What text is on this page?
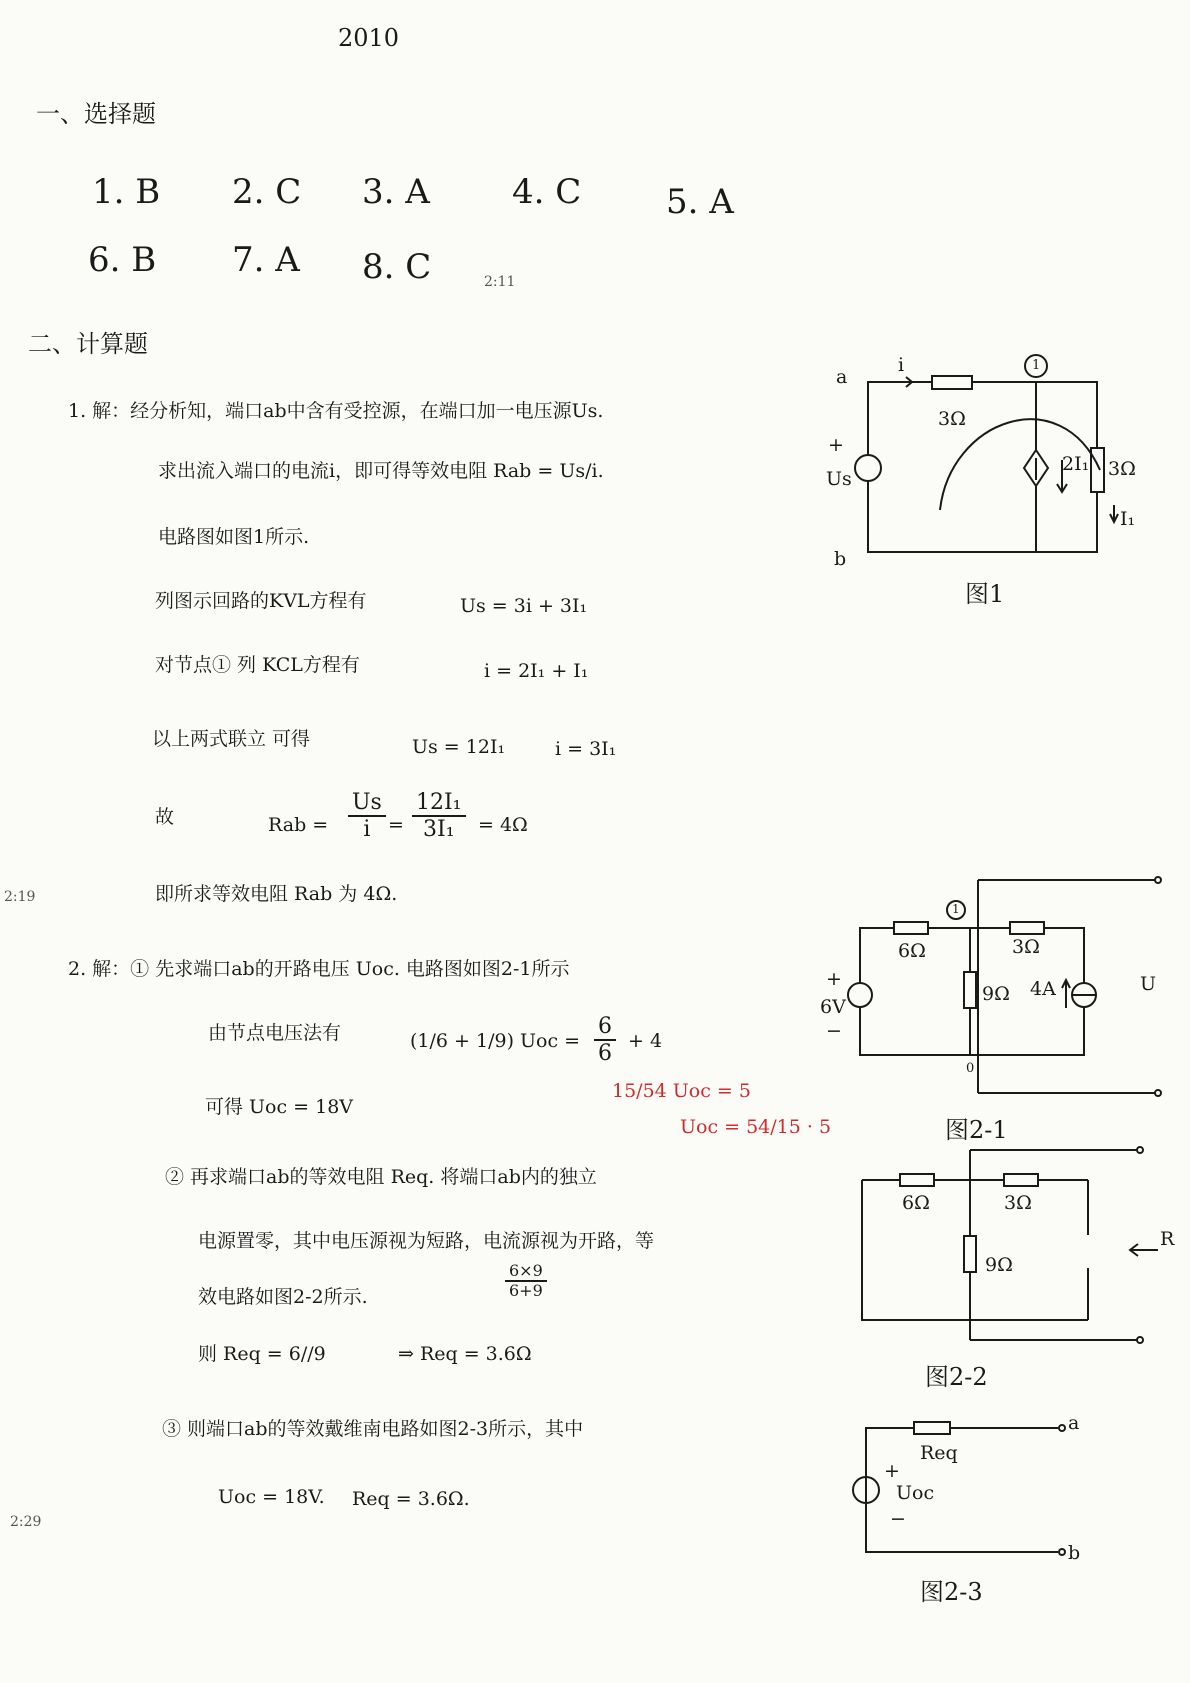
2010
2:19
2:29
2:11
一、选择题
1. B 2. C 3. A 4. C 5. A
6. B 7. A 8. C
二、计算题
1. 解：经分析知，端口ab中含有受控源，在端口加一电压源Us.
求出流入端口的电流i，即可得等效电阻 Rab = Us/i.
电路图如图1所示.
列图示回路的KVL方程有	Us = 3i + 3I₁
对节点① 列 KCL方程有	i = 2I₁ + I₁
以上两式联立 可得	Us = 12I₁	i = 3I₁
故	Rab = $\frac{Us}{i} = \frac{\text{12I₁}}{\text{3I₁}} = 4\Omega$
即所求等效电阻 Rab 为 4Ω.
2. 解：① 先求端口ab的开路电压 Uoc. 电路图如图2-1所示
由节点电压法有	(1/6 + 1/9) Uoc = $\frac{6}{6} + 4$
可得 Uoc = 18V
15/54 Uoc = 5
Uoc = 54/15 · 5
② 再求端口ab的等效电阻 Req. 将端口ab内的独立
电源置零，其中电压源视为短路，电流源视为开路，等
效电路如图2-2所示.
则 Req = 6//9	⇒ Req = 3.6Ω
$\frac{6\times 9}{6+9}$
③ 则端口ab的等效戴维南电路如图2-3所示，其中
Uoc = 18V. Req = 3.6Ω.
a
b
1
i
3Ω
3Ω
Us
+
2I₁
I₁
图1
1
0
6Ω	3Ω
9Ω
6V
+
−
4A	U
图2-1
6Ω	3Ω
9Ω
R
图2-2
Req
Uoc
+
−
a
b
图2-3
